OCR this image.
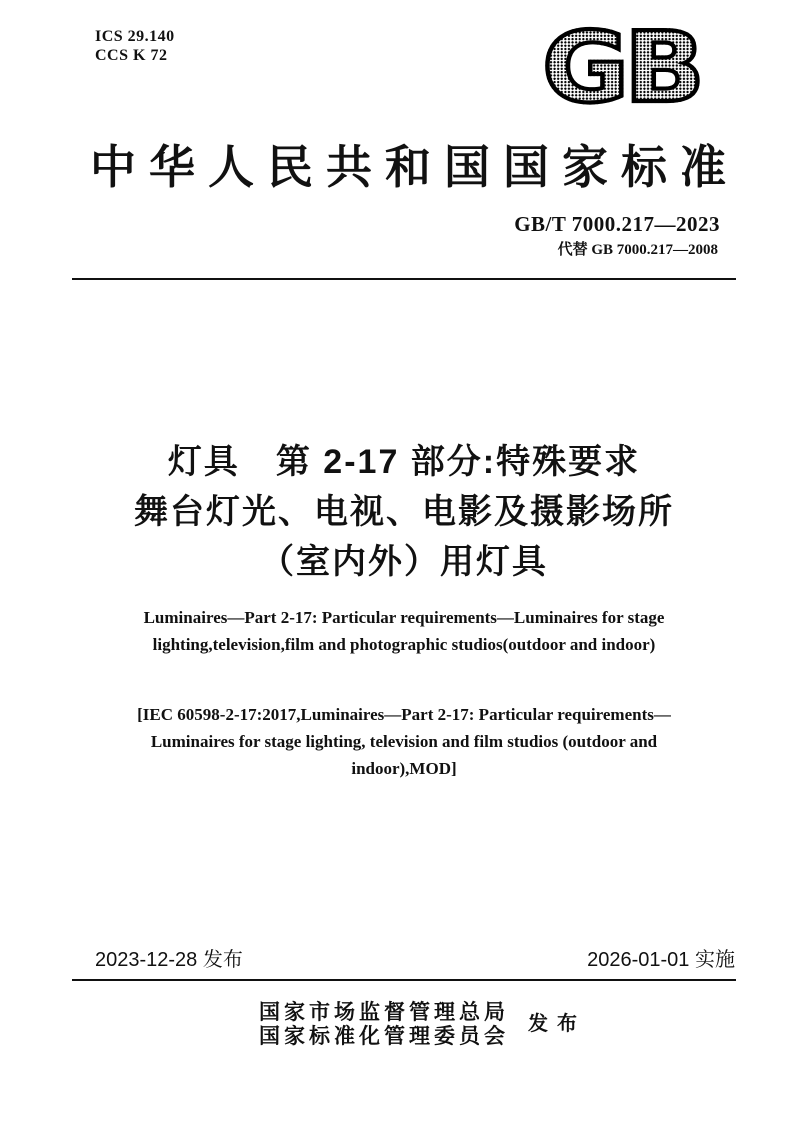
ICS 29.140
CCS K 72	GB
中华人民共和国国家标准
GB/T 7000.217—2023
代替 GB 7000.217—2008
灯具　第 2-17 部分:特殊要求
舞台灯光、电视、电影及摄影场所
（室内外）用灯具
Luminaires—Part 2-17: Particular requirements—Luminaires for stage
lighting,television,film and photographic studios(outdoor and indoor)
[IEC 60598-2-17:2017,Luminaires—Part 2-17: Particular requirements—
Luminaires for stage lighting, television and film studios (outdoor and
indoor),MOD]
2023-12-28 发布	2026-01-01 实施
国家市场监督管理总局
国家标准化管理委员会 发 布
